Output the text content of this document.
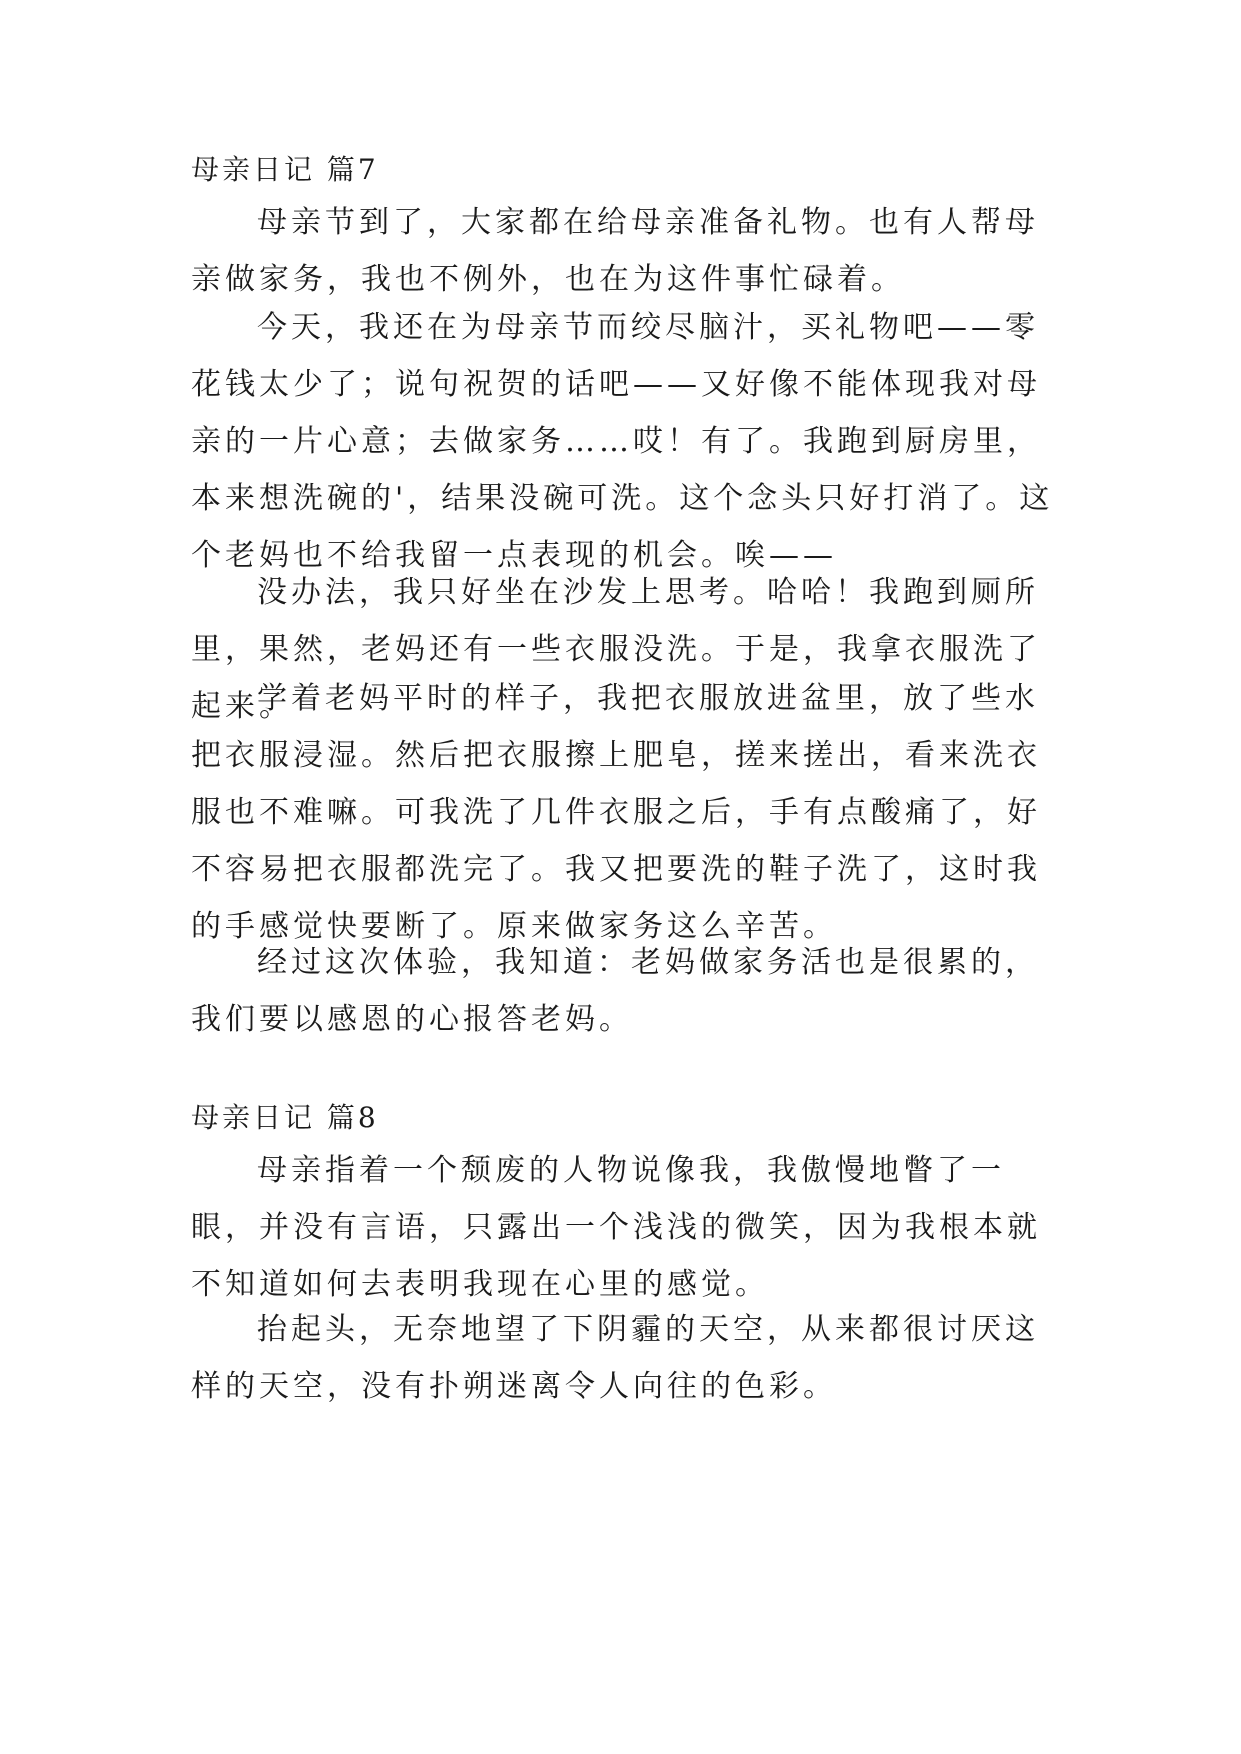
母亲日记 篇7

母亲节到了，大家都在给母亲准备礼物。也有人帮母亲做家务，我也不例外，也在为这件事忙碌着。

今天，我还在为母亲节而绞尽脑汁，买礼物吧——零花钱太少了；说句祝贺的话吧——又好像不能体现我对母亲的一片心意；去做家务……哎！有了。我跑到厨房里，本来想洗碗的'，结果没碗可洗。这个念头只好打消了。这个老妈也不给我留一点表现的机会。唉——

没办法，我只好坐在沙发上思考。哈哈！我跑到厕所里，果然，老妈还有一些衣服没洗。于是，我拿衣服洗了起来。

学着老妈平时的样子，我把衣服放进盆里，放了些水把衣服浸湿。然后把衣服擦上肥皂，搓来搓出，看来洗衣服也不难嘛。可我洗了几件衣服之后，手有点酸痛了，好不容易把衣服都洗完了。我又把要洗的鞋子洗了，这时我的手感觉快要断了。原来做家务这么辛苦。

经过这次体验，我知道：老妈做家务活也是很累的，我们要以感恩的心报答老妈。

母亲日记 篇8

母亲指着一个颓废的人物说像我，我傲慢地瞥了一眼，并没有言语，只露出一个浅浅的微笑，因为我根本就不知道如何去表明我现在心里的感觉。

抬起头，无奈地望了下阴霾的天空，从来都很讨厌这样的天空，没有扑朔迷离令人向往的色彩。
